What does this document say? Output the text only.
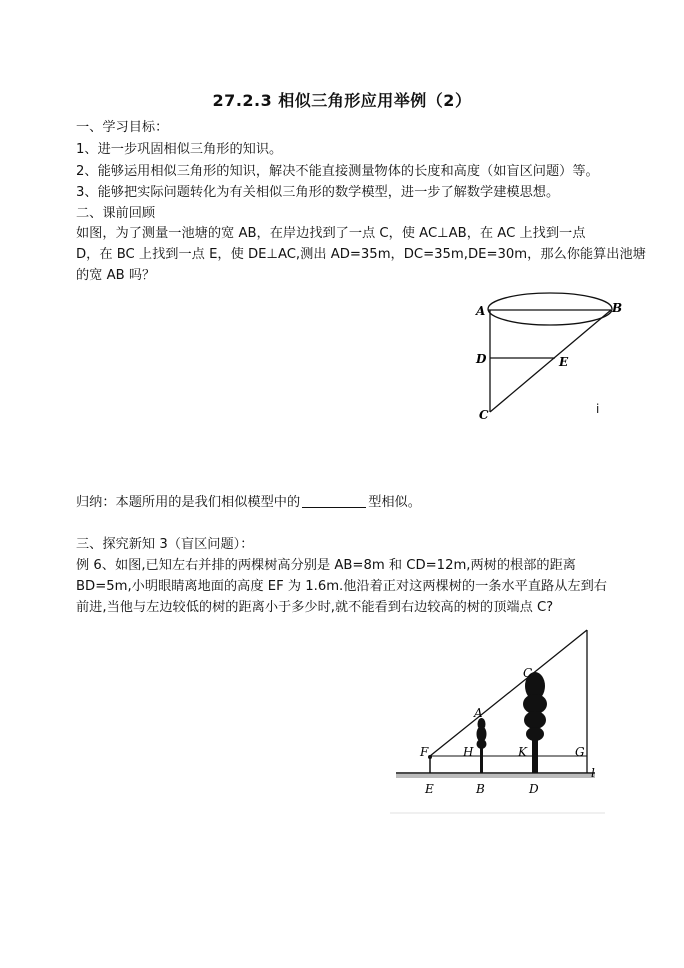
27.2.3 相似三角形应用举例（2）
一、学习目标：
1、进一步巩固相似三角形的知识。
2、能够运用相似三角形的知识，解决不能直接测量物体的长度和高度（如盲区问题）等。
3、能够把实际问题转化为有关相似三角形的数学模型，进一步了解数学建模思想。
二、课前回顾
如图，为了测量一池塘的宽 AB，在岸边找到了一点 C，使 AC⊥AB，在 AC 上找到一点
D，在 BC 上找到一点 E，使 DE⊥AC,测出 AD=35m，DC=35m,DE=30m，那么你能算出池塘
的宽 AB 吗？
A	B
D	E
C	i
归纳：本题所用的是我们相似模型中的	型相似。
三、探究新知 3（盲区问题）：
例 6、如图,已知左右并排的两棵树高分别是 AB=8m 和 CD=12m,两树的根部的距离
BD=5m,小明眼睛离地面的高度 EF 为 1.6m.他沿着正对这两棵树的一条水平直路从左到右
前进,当他与左边较低的树的距离小于多少时,就不能看到右边较高的树的顶端点 C?
F	H
A
C
K	G
l
E	B	D
